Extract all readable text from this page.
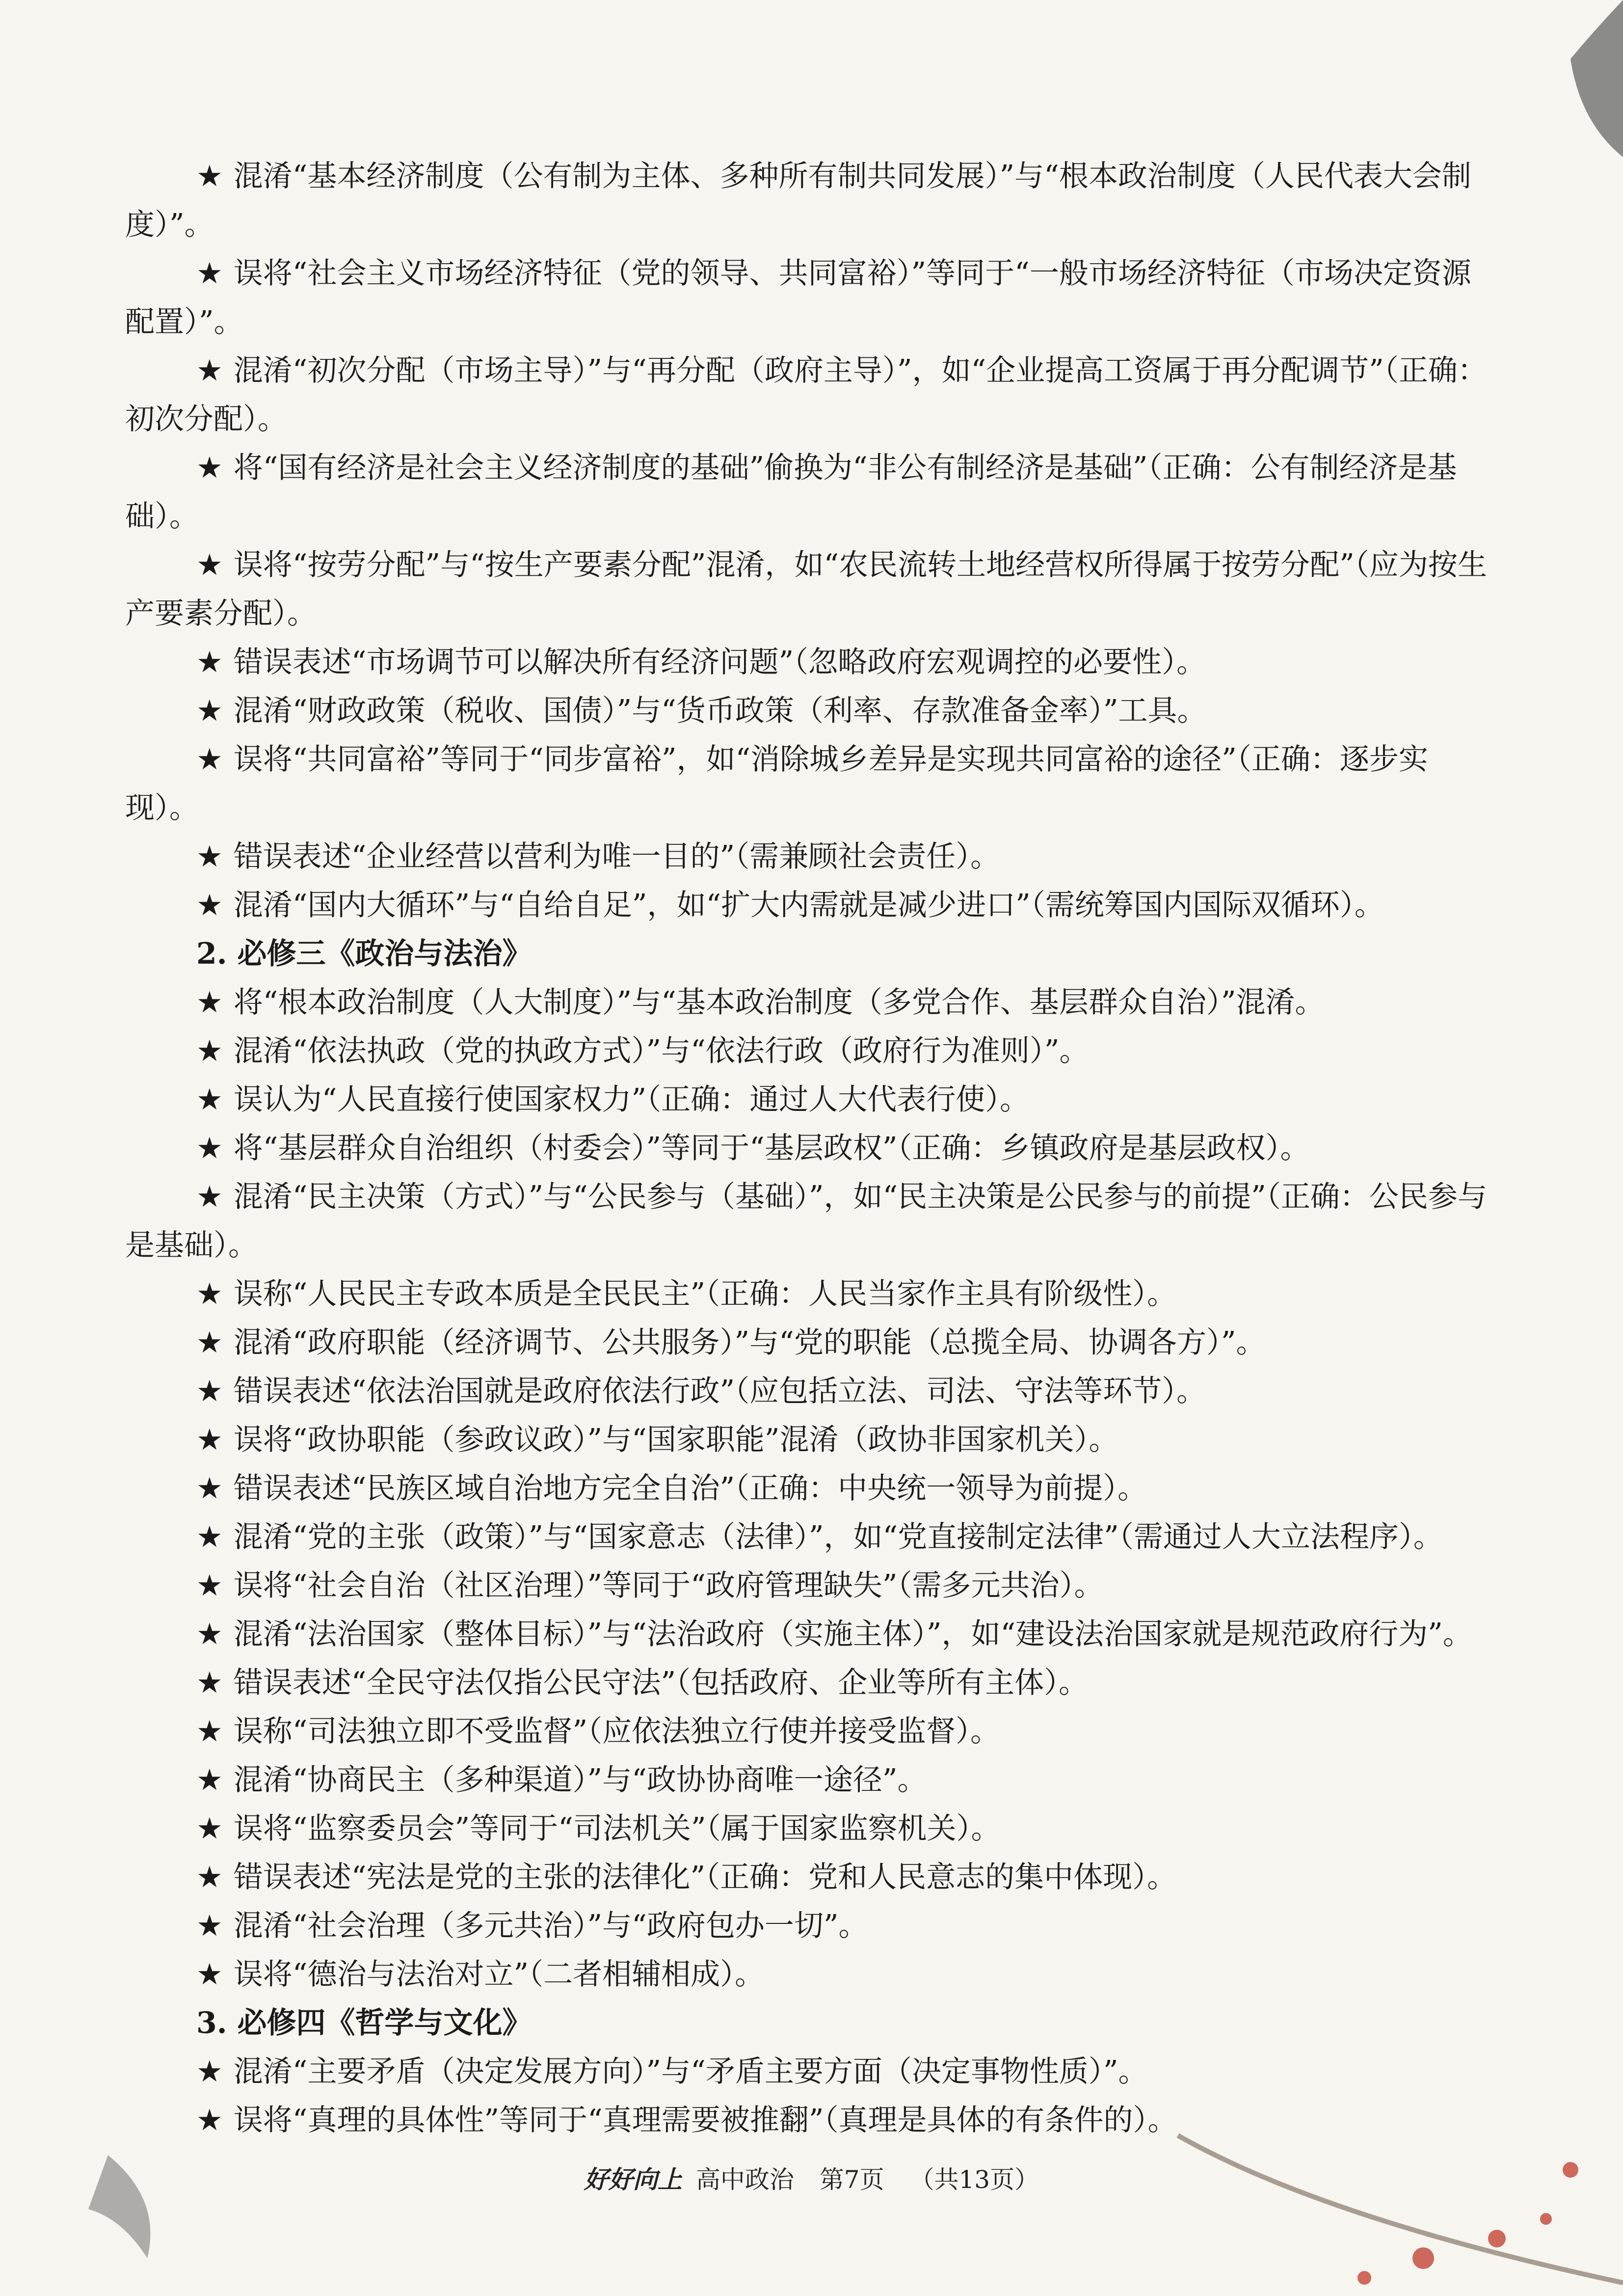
★ 混淆“基本经济制度（公有制为主体、多种所有制共同发展）”与“根本政治制度（人民代表大会制度）”。

★ 误将“社会主义市场经济特征（党的领导、共同富裕）”等同于“一般市场经济特征（市场决定资源配置）”。

★ 混淆“初次分配（市场主导）”与“再分配（政府主导）”，如“企业提高工资属于再分配调节”（正确：初次分配）。

★ 将“国有经济是社会主义经济制度的基础”偷换为“非公有制经济是基础”（正确：公有制经济是基础）。

★ 误将“按劳分配”与“按生产要素分配”混淆，如“农民流转土地经营权所得属于按劳分配”（应为按生产要素分配）。

★ 错误表述“市场调节可以解决所有经济问题”（忽略政府宏观调控的必要性）。

★ 混淆“财政政策（税收、国债）”与“货币政策（利率、存款准备金率）”工具。

★ 误将“共同富裕”等同于“同步富裕”，如“消除城乡差异是实现共同富裕的途径”（正确：逐步实现）。

★ 错误表述“企业经营以营利为唯一目的”（需兼顾社会责任）。

★ 混淆“国内大循环”与“自给自足”，如“扩大内需就是减少进口”（需统筹国内国际双循环）。

2. 必修三《政治与法治》

★ 将“根本政治制度（人大制度）”与“基本政治制度（多党合作、基层群众自治）”混淆。

★ 混淆“依法执政（党的执政方式）”与“依法行政（政府行为准则）”。

★ 误认为“人民直接行使国家权力”（正确：通过人大代表行使）。

★ 将“基层群众自治组织（村委会）”等同于“基层政权”（正确：乡镇政府是基层政权）。

★ 混淆“民主决策（方式）”与“公民参与（基础）”，如“民主决策是公民参与的前提”（正确：公民参与是基础）。

★ 误称“人民民主专政本质是全民民主”（正确：人民当家作主具有阶级性）。

★ 混淆“政府职能（经济调节、公共服务）”与“党的职能（总揽全局、协调各方）”。

★ 错误表述“依法治国就是政府依法行政”（应包括立法、司法、守法等环节）。

★ 误将“政协职能（参政议政）”与“国家职能”混淆（政协非国家机关）。

★ 错误表述“民族区域自治地方完全自治”（正确：中央统一领导为前提）。

★ 混淆“党的主张（政策）”与“国家意志（法律）”，如“党直接制定法律”（需通过人大立法程序）。

★ 误将“社会自治（社区治理）”等同于“政府管理缺失”（需多元共治）。

★ 混淆“法治国家（整体目标）”与“法治政府（实施主体）”，如“建设法治国家就是规范政府行为”。

★ 错误表述“全民守法仅指公民守法”（包括政府、企业等所有主体）。

★ 误称“司法独立即不受监督”（应依法独立行使并接受监督）。

★ 混淆“协商民主（多种渠道）”与“政协协商唯一途径”。

★ 误将“监察委员会”等同于“司法机关”（属于国家监察机关）。

★ 错误表述“宪法是党的主张的法律化”（正确：党和人民意志的集中体现）。

★ 混淆“社会治理（多元共治）”与“政府包办一切”。

★ 误将“德治与法治对立”（二者相辅相成）。

3. 必修四《哲学与文化》

★ 混淆“主要矛盾（决定发展方向）”与“矛盾主要方面（决定事物性质）”。

★ 误将“真理的具体性”等同于“真理需要被推翻”（真理是具体的有条件的）。

好好向上 高中政治 第7页 （共13页）
